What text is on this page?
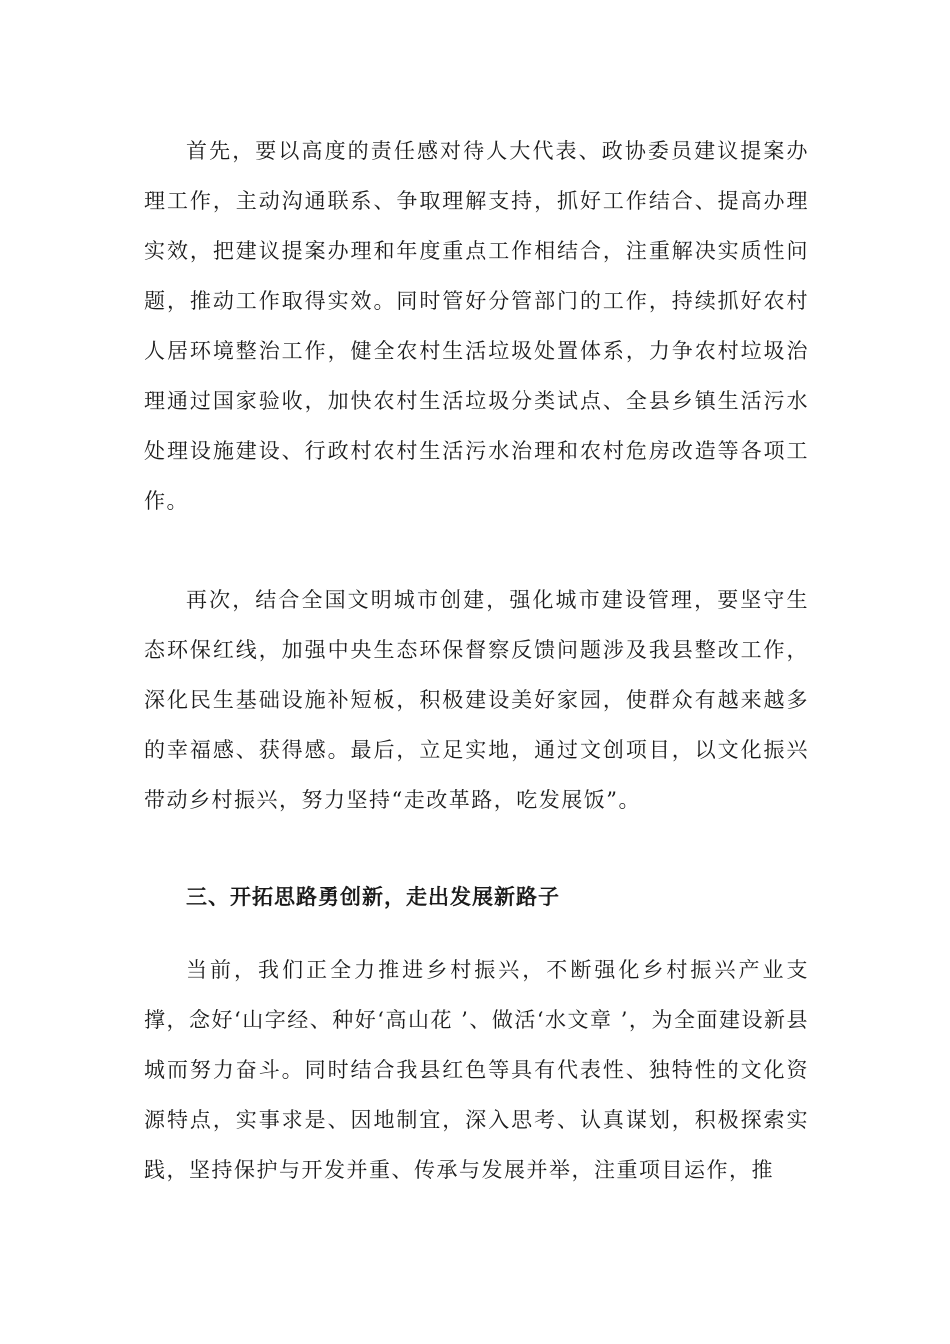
首先，要以高度的责任感对待人大代表、政协委员建议提案办理工作，主动沟通联系、争取理解支持，抓好工作结合、提高办理实效，把建议提案办理和年度重点工作相结合，注重解决实质性问题，推动工作取得实效。同时管好分管部门的工作，持续抓好农村人居环境整治工作，健全农村生活垃圾处置体系，力争农村垃圾治理通过国家验收，加快农村生活垃圾分类试点、全县乡镇生活污水处理设施建设、行政村农村生活污水治理和农村危房改造等各项工作。

再次，结合全国文明城市创建，强化城市建设管理，要坚守生态环保红线，加强中央生态环保督察反馈问题涉及我县整改工作，深化民生基础设施补短板，积极建设美好家园，使群众有越来越多的幸福感、获得感。最后，立足实地，通过文创项目，以文化振兴带动乡村振兴，努力坚持“走改革路，吃发展饭”。

三、开拓思路勇创新，走出发展新路子

当前，我们正全力推进乡村振兴，不断强化乡村振兴产业支撑，念好‘山字经、种好‘高山花 ’、做活‘水文章 ’，为全面建设新县城而努力奋斗。同时结合我县红色等具有代表性、独特性的文化资源特点，实事求是、因地制宜，深入思考、认真谋划，积极探索实践，坚持保护与开发并重、传承与发展并举，注重项目运作，推
